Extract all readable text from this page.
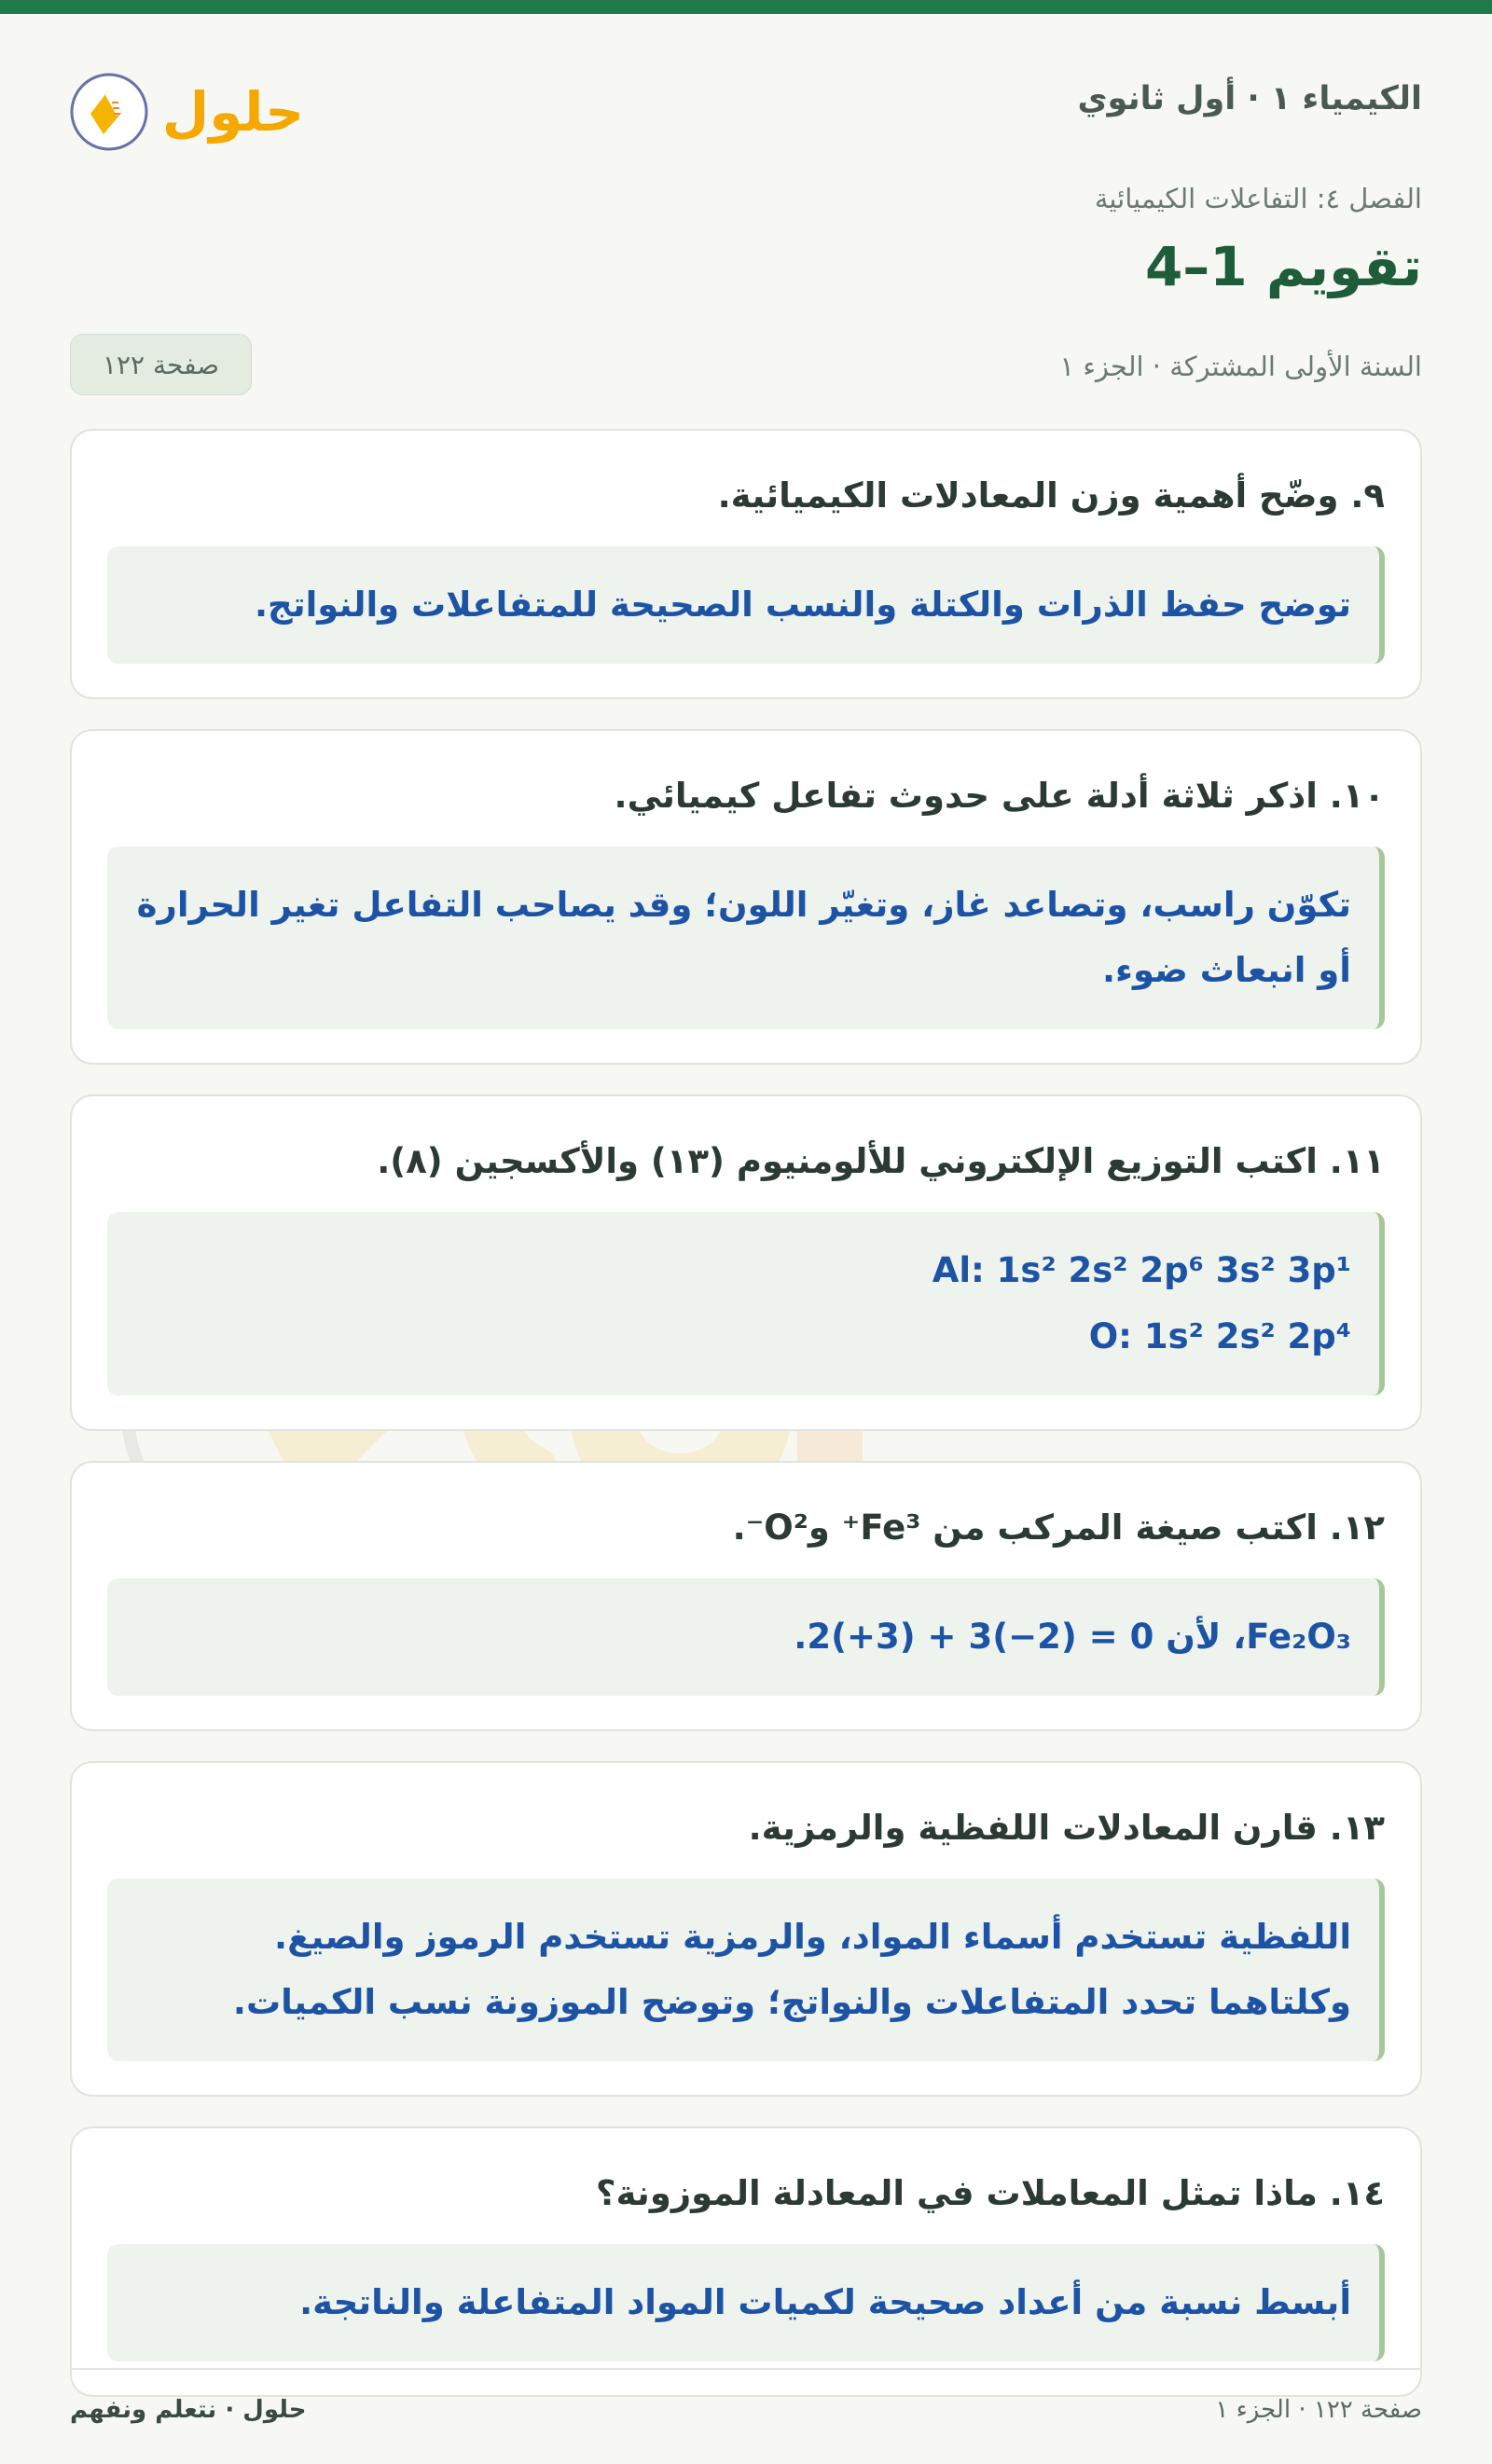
الكيمياء ١ · أول ثانوي
حلول
الفصل ٤: التفاعلات الكيميائية
تقويم 1–4
السنة الأولى المشتركة · الجزء ١
صفحة ١٢٢
٩. وضّح أهمية وزن المعادلات الكيميائية.
توضح حفظ الذرات والكتلة والنسب الصحيحة للمتفاعلات والنواتج.
١٠. اذكر ثلاثة أدلة على حدوث تفاعل كيميائي.
تكوّن راسب، وتصاعد غاز، وتغيّر اللون؛ وقد يصاحب التفاعل تغير الحرارة أو انبعاث ضوء.
١١. اكتب التوزيع الإلكتروني للألومنيوم (١٣) والأكسجين (٨).
Al: 1s² 2s² 2p⁶ 3s² 3p¹
O: 1s² 2s² 2p⁴
١٢. اكتب صيغة المركب من Fe³⁺ وO²⁻.
Fe₂O₃، لأن 0 = (2−)3 + (3+)2.
١٣. قارن المعادلات اللفظية والرمزية.
اللفظية تستخدم أسماء المواد، والرمزية تستخدم الرموز والصيغ.
وكلتاهما تحدد المتفاعلات والنواتج؛ وتوضح الموزونة نسب الكميات.
١٤. ماذا تمثل المعاملات في المعادلة الموزونة؟
أبسط نسبة من أعداد صحيحة لكميات المواد المتفاعلة والناتجة.
صفحة ١٢٢ · الجزء ١
حلول · نتعلم ونفهم
